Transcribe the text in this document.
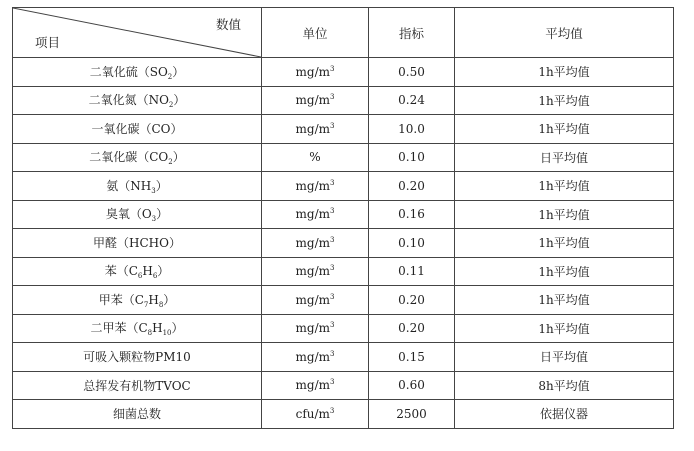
数值
项目	单位	指标	平均值
二氧化硫$(SO_2)$	$mg/m^3$	0.50	1h平均值
二氧化氮$(NO_2)$	$mg/m^3$	0.24	1h平均值
一氧化碳（CO）	$mg/m^3$	10.0	1h平均值
二氧化碳$(CO_2)$	%	0.10	日平均值
氨$(NH_3)$	$mg/m^3$	0.20	1h平均值
臭氧$(O_3)$	$mg/m^3$	0.16	1h平均值
甲醛（HCHO）	$mg/m^3$	0.10	1h平均值
苯$(C_6H_6)$	$mg/m^3$	0.11	1h平均值
甲苯$(C_7H_8)$	$mg/m^3$	0.20	1h平均值
二甲苯$(C_8H_{10})$	$mg/m^3$	0.20	1h平均值
可吸入颗粒物PM10	$mg/m^3$	0.15	日平均值
总挥发有机物TVOC	$mg/m^3$	0.60	8h平均值
细菌总数	cfu/$m^3$	2500	依据仪器
